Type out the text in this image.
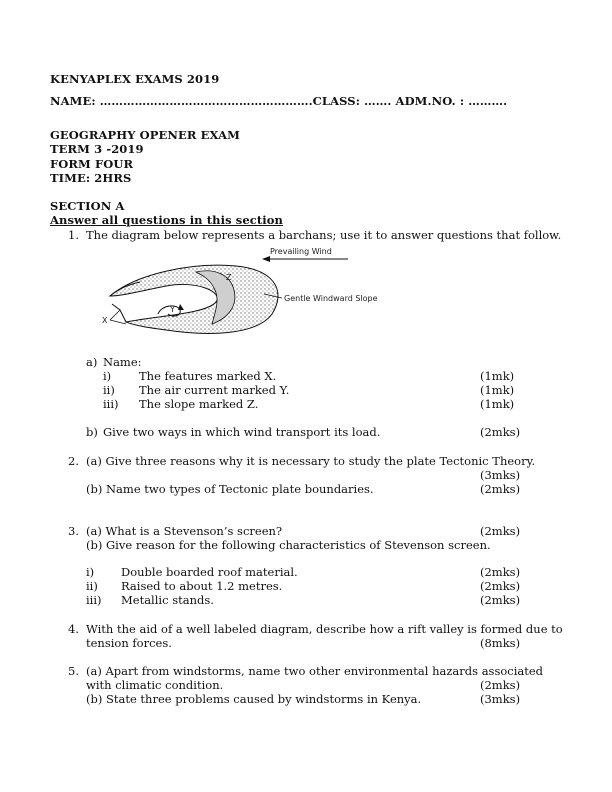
KENYAPLEX EXAMS 2019
NAME: ……………………………………………….CLASS: ……. ADM.NO. : ……….
GEOGRAPHY OPENER EXAM
TERM 3 -2019
FORM FOUR
TIME: 2HRS
SECTION A
Answer all questions in this section
1. The diagram below represents a barchans; use it to answer questions that follow.
Prevailing Wind
X
Y
Z
Gentle Windward Slope
a) Name:
i) The features marked X.	(1mk)
ii) The air current marked Y.	(1mk)
iii) The slope marked Z.	(1mk)
b) Give two ways in which wind transport its load.	(2mks)
2. (a) Give three reasons why it is necessary to study the plate Tectonic Theory.
(3mks)
(b) Name two types of Tectonic plate boundaries.	(2mks)
3. (a) What is a Stevenson’s screen?	(2mks)
(b) Give reason for the following characteristics of Stevenson screen.
i) Double boarded roof material.	(2mks)
ii) Raised to about 1.2 metres.	(2mks)
iii) Metallic stands.	(2mks)
4. With the aid of a well labeled diagram, describe how a rift valley is formed due to
tension forces.	(8mks)
5. (a) Apart from windstorms, name two other environmental hazards associated
with climatic condition.	(2mks)
(b) State three problems caused by windstorms in Kenya.	(3mks)
